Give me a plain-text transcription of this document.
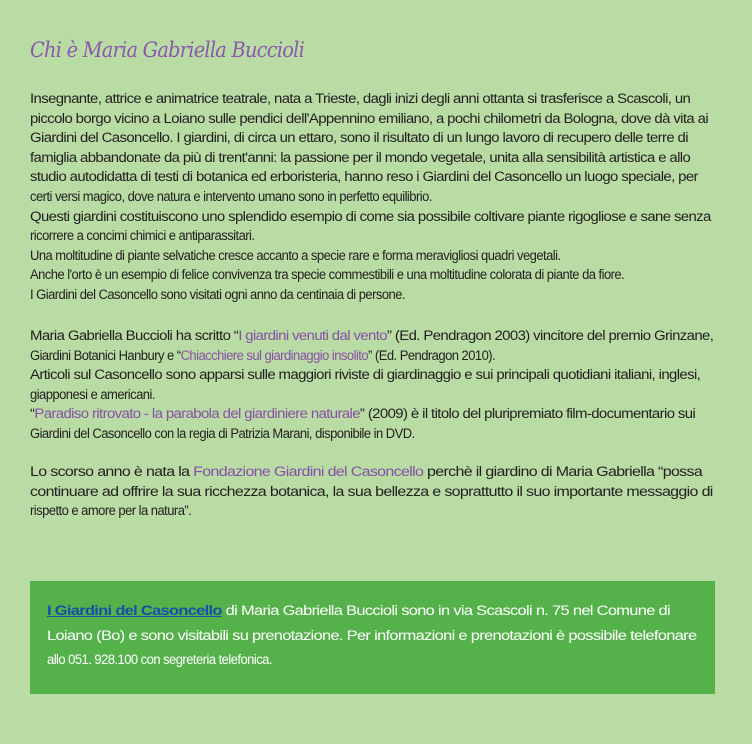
Chi è Maria Gabriella Buccioli
Insegnante, attrice e animatrice teatrale, nata a Trieste, dagli inizi degli anni ottanta si trasferisce a Scascoli, un
piccolo borgo vicino a Loiano sulle pendici dell'Appennino emiliano, a pochi chilometri da Bologna, dove dà vita ai
Giardini del Casoncello. I giardini, di circa un ettaro, sono il risultato di un lungo lavoro di recupero delle terre di
famiglia abbandonate da più di trent'anni: la passione per il mondo vegetale, unita alla sensibilità artistica e allo
studio autodidatta di testi di botanica ed erboristeria, hanno reso i Giardini del Casoncello un luogo speciale, per
certi versi magico, dove natura e intervento umano sono in perfetto equilibrio.
Questi giardini costituiscono uno splendido esempio di come sia possibile coltivare piante rigogliose e sane senza
ricorrere a concimi chimici e antiparassitari.
Una moltitudine di piante selvatiche cresce accanto a specie rare e forma meravigliosi quadri vegetali.
Anche l'orto è un esempio di felice convivenza tra specie commestibili e una moltitudine colorata di piante da fiore.
I Giardini del Casoncello sono visitati ogni anno da centinaia di persone.
Maria Gabriella Buccioli ha scritto “I giardini venuti dal vento” (Ed. Pendragon 2003) vincitore del premio Grinzane,
Giardini Botanici Hanbury e “Chiacchiere sul giardinaggio insolito” (Ed. Pendragon 2010).
Articoli sul Casoncello sono apparsi sulle maggiori riviste di giardinaggio e sui principali quotidiani italiani, inglesi,
giapponesi e americani.
“Paradiso ritrovato - la parabola del giardiniere naturale” (2009) è il titolo del pluripremiato film-documentario sui
Giardini del Casoncello con la regia di Patrizia Marani, disponibile in DVD.
Lo scorso anno è nata la Fondazione Giardini del Casoncello perchè il giardino di Maria Gabriella “possa
continuare ad offrire la sua ricchezza botanica, la sua bellezza e soprattutto il suo importante messaggio di
rispetto e amore per la natura”.
I Giardini del Casoncello di Maria Gabriella Buccioli sono in via Scascoli n. 75 nel Comune di
Loiano (Bo) e sono visitabili su prenotazione. Per informazioni e prenotazioni è possibile telefonare
allo 051. 928.100 con segreteria telefonica.
